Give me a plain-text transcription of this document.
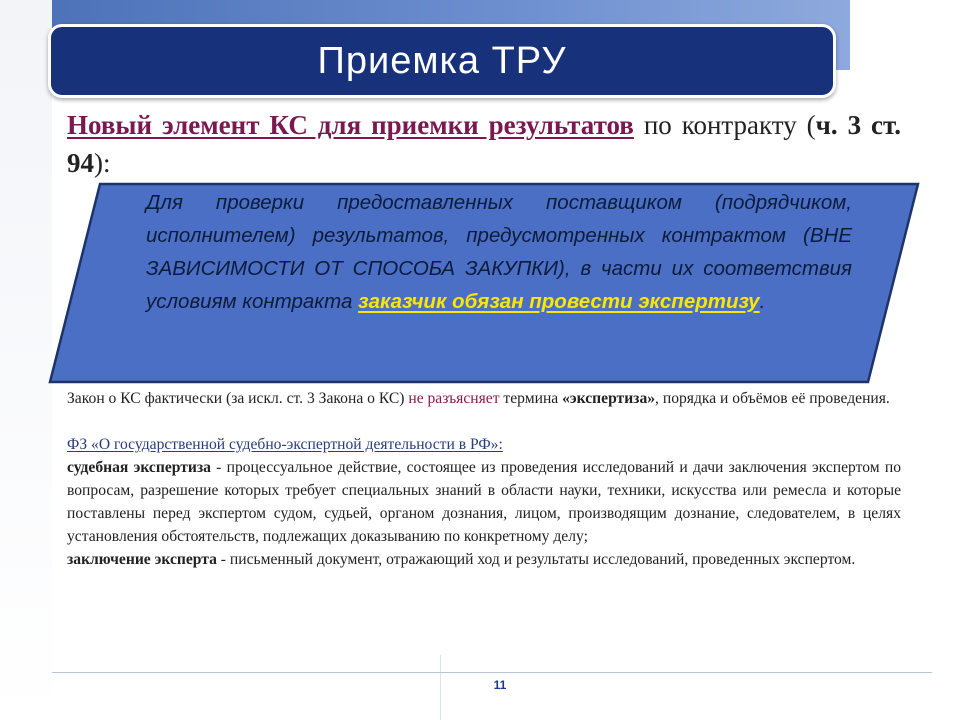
Приемка ТРУ
Новый элемент КС для приемки результатов по контракту (ч. 3 ст. 94):
Для проверки предоставленных поставщиком (подрядчиком, исполнителем) результатов, предусмотренных контрактом (ВНЕ ЗАВИСИМОСТИ ОТ СПОСОБА ЗАКУПКИ), в части их соответствия условиям контракта заказчик обязан провести экспертизу.

Закон о КС фактически (за искл. ст. 3 Закона о КС) не разъясняет термина «экспертиза», порядка и объёмов её проведения.

ФЗ «О государственной судебно-экспертной деятельности в РФ»:

судебная экспертиза - процессуальное действие, состоящее из проведения исследований и дачи заключения экспертом по вопросам, разрешение которых требует специальных знаний в области науки, техники, искусства или ремесла и которые поставлены перед экспертом судом, судьей, органом дознания, лицом, производящим дознание, следователем, в целях установления обстоятельств, подлежащих доказыванию по конкретному делу;

заключение эксперта - письменный документ, отражающий ход и результаты исследований, проведенных экспертом.

11
